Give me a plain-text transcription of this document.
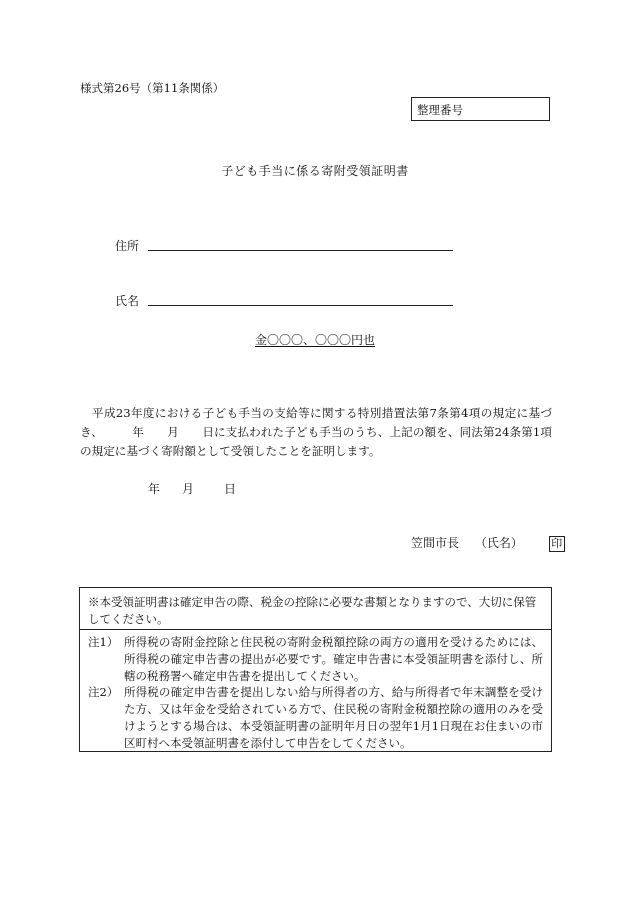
様式第26号（第11条関係）
整理番号
子ども手当に係る寄附受領証明書
住所
氏名
金〇〇〇、〇〇〇円也
平成23年度における子ども手当の支給等に関する特別措置法第7条第4項の規定に基づき、　　　年　　月　　日に支払われた子ども手当のうち、上記の額を、同法第24条第1項の規定に基づく寄附額として受領したことを証明します。
年 月 日
笠間市長 （氏名）	印
※本受領証明書は確定申告の際、税金の控除に必要な書類となりますので、大切に保管してください。
注1） 所得税の寄附金控除と住民税の寄附金税額控除の両方の適用を受けるためには、所得税の確定申告書の提出が必要です。確定申告書に本受領証明書を添付し、所轄の税務署へ確定申告書を提出してください。
注2） 所得税の確定申告書を提出しない給与所得者の方、給与所得者で年末調整を受けた方、又は年金を受給されている方で、住民税の寄附金税額控除の適用のみを受けようとする場合は、本受領証明書の証明年月日の翌年1月1日現在お住まいの市区町村へ本受領証明書を添付して申告をしてください。
